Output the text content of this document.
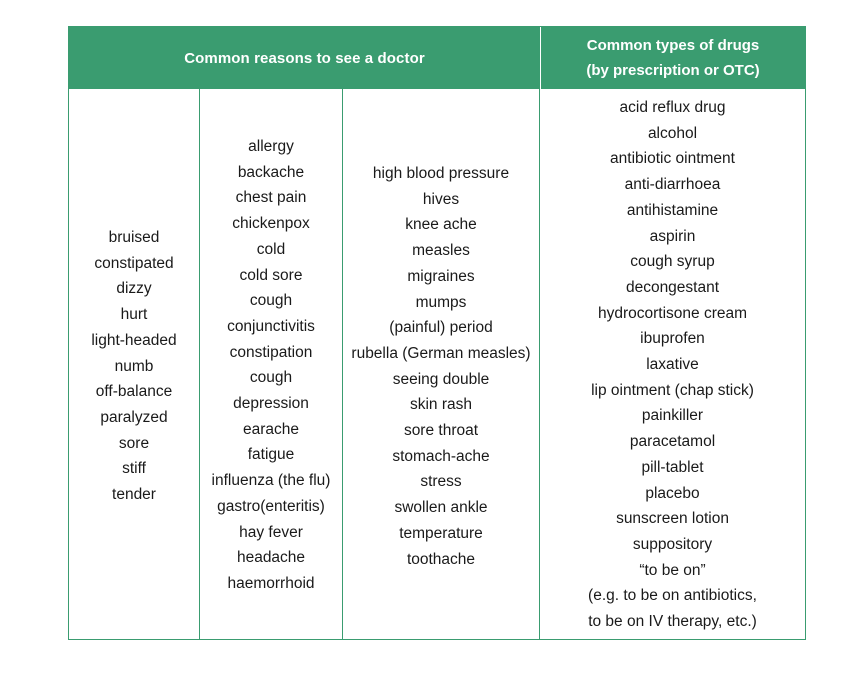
Common reasons to see a doctor
Common types of drugs
(by prescription or OTC)
bruised
constipated
dizzy
hurt
light-headed
numb
off-balance
paralyzed
sore
stiff
tender
allergy
backache
chest pain
chickenpox
cold
cold sore
cough
conjunctivitis
constipation
cough
depression
earache
fatigue
influenza (the flu)
gastro(enteritis)
hay fever
headache
haemorrhoid
high blood pressure
hives
knee ache
measles
migraines
mumps
(painful) period
rubella (German measles)
seeing double
skin rash
sore throat
stomach-ache
stress
swollen ankle
temperature
toothache
acid reflux drug
alcohol
antibiotic ointment
anti-diarrhoea
antihistamine
aspirin
cough syrup
decongestant
hydrocortisone cream
ibuprofen
laxative
lip ointment (chap stick)
painkiller
paracetamol
pill-tablet
placebo
sunscreen lotion
suppository
“to be on”
(e.g. to be on antibiotics,
to be on IV therapy, etc.)
